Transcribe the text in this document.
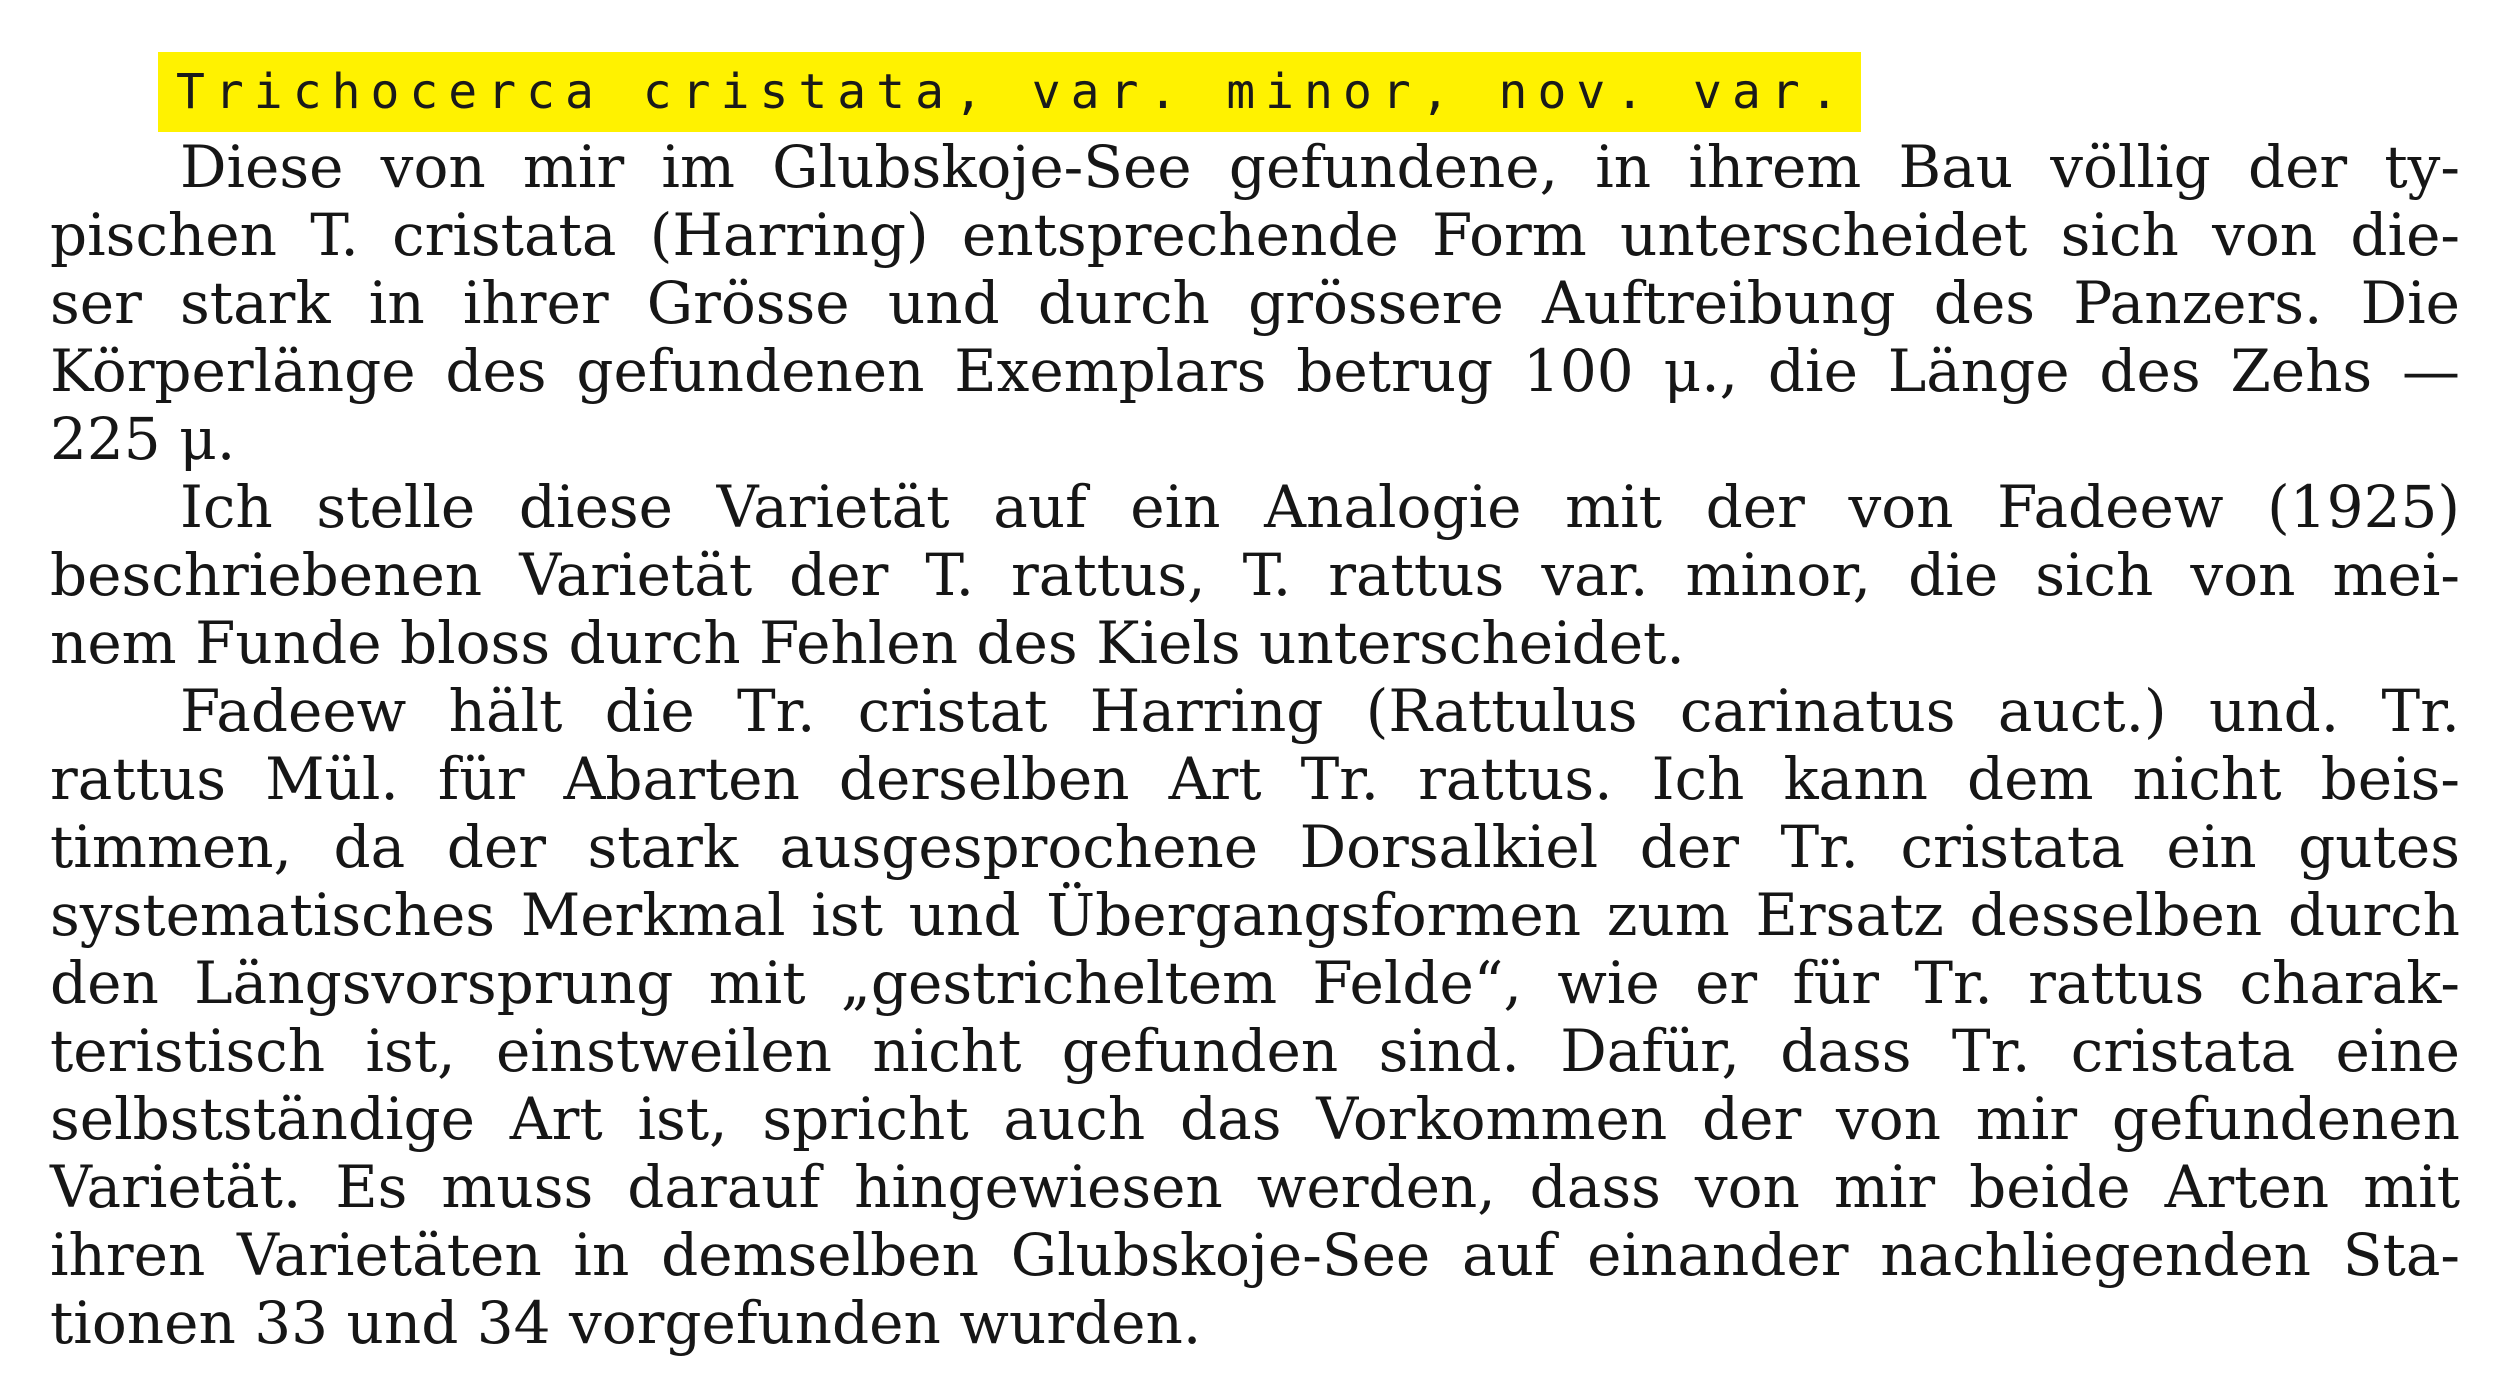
Trichocerca cristata, var. minor, nov. var.
Diese von mir im Glubskoje-See gefundene, in ihrem Bau völlig der ty-
pischen T. cristata (Harring) entsprechende Form unterscheidet sich von die-
ser stark in ihrer Grösse und durch grössere Auftreibung des Panzers. Die
Körperlänge des gefundenen Exemplars betrug 100 μ., die Länge des Zehs —
225 μ.
Ich stelle diese Varietät auf ein Analogie mit der von Fadeew (1925)
beschriebenen Varietät der T. rattus, T. rattus var. minor, die sich von mei-
nem Funde bloss durch Fehlen des Kiels unterscheidet.
Fadeew hält die Tr. cristat Harring (Rattulus carinatus auct.) und. Tr.
rattus Mül. für Abarten derselben Art Tr. rattus. Ich kann dem nicht beis-
timmen, da der stark ausgesprochene Dorsalkiel der Tr. cristata ein gutes
systematisches Merkmal ist und Übergangsformen zum Ersatz desselben durch
den Längsvorsprung mit „gestricheltem Felde“, wie er für Tr. rattus charak-
teristisch ist, einstweilen nicht gefunden sind. Dafür, dass Tr. cristata eine
selbstständige Art ist, spricht auch das Vorkommen der von mir gefundenen
Varietät. Es muss darauf hingewiesen werden, dass von mir beide Arten mit
ihren Varietäten in demselben Glubskoje-See auf einander nachliegenden Sta-
tionen 33 und 34 vorgefunden wurden.
